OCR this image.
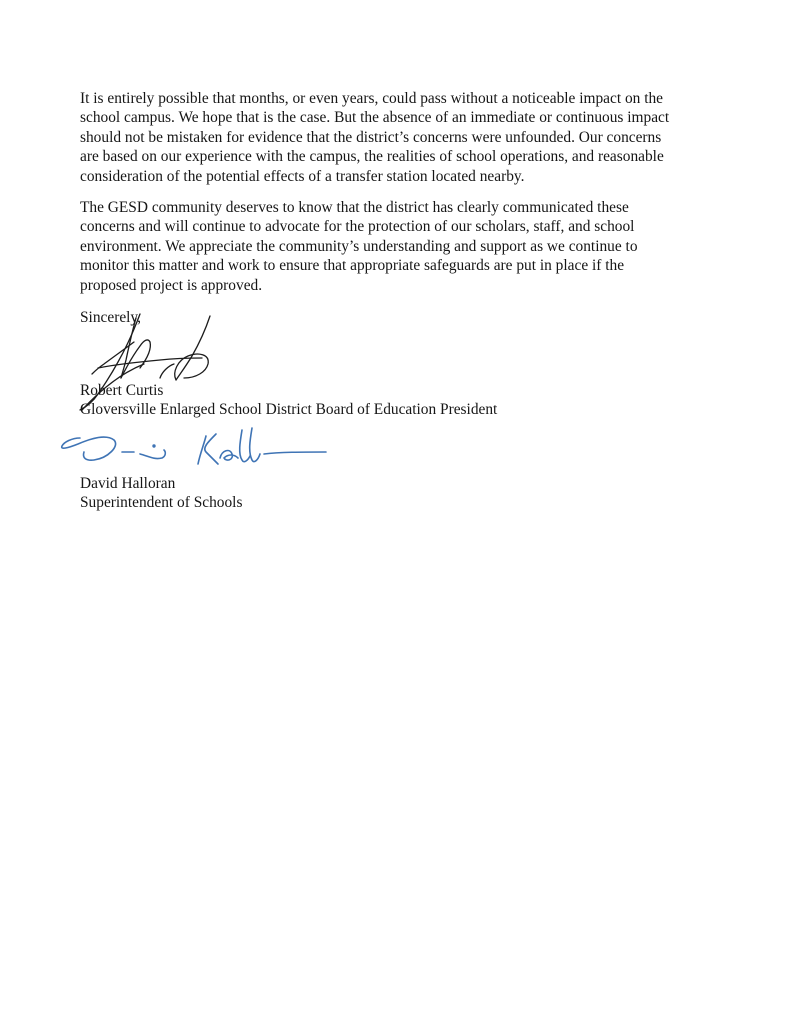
It is entirely possible that months, or even years, could pass without a noticeable impact on the
school campus. We hope that is the case. But the absence of an immediate or continuous impact
should not be mistaken for evidence that the district’s concerns were unfounded. Our concerns
are based on our experience with the campus, the realities of school operations, and reasonable
consideration of the potential effects of a transfer station located nearby.
The GESD community deserves to know that the district has clearly communicated these
concerns and will continue to advocate for the protection of our scholars, staff, and school
environment. We appreciate the community’s understanding and support as we continue to
monitor this matter and work to ensure that appropriate safeguards are put in place if the
proposed project is approved.
Sincerely,
Robert Curtis
Gloversville Enlarged School District Board of Education President
David Halloran
Superintendent of Schools
